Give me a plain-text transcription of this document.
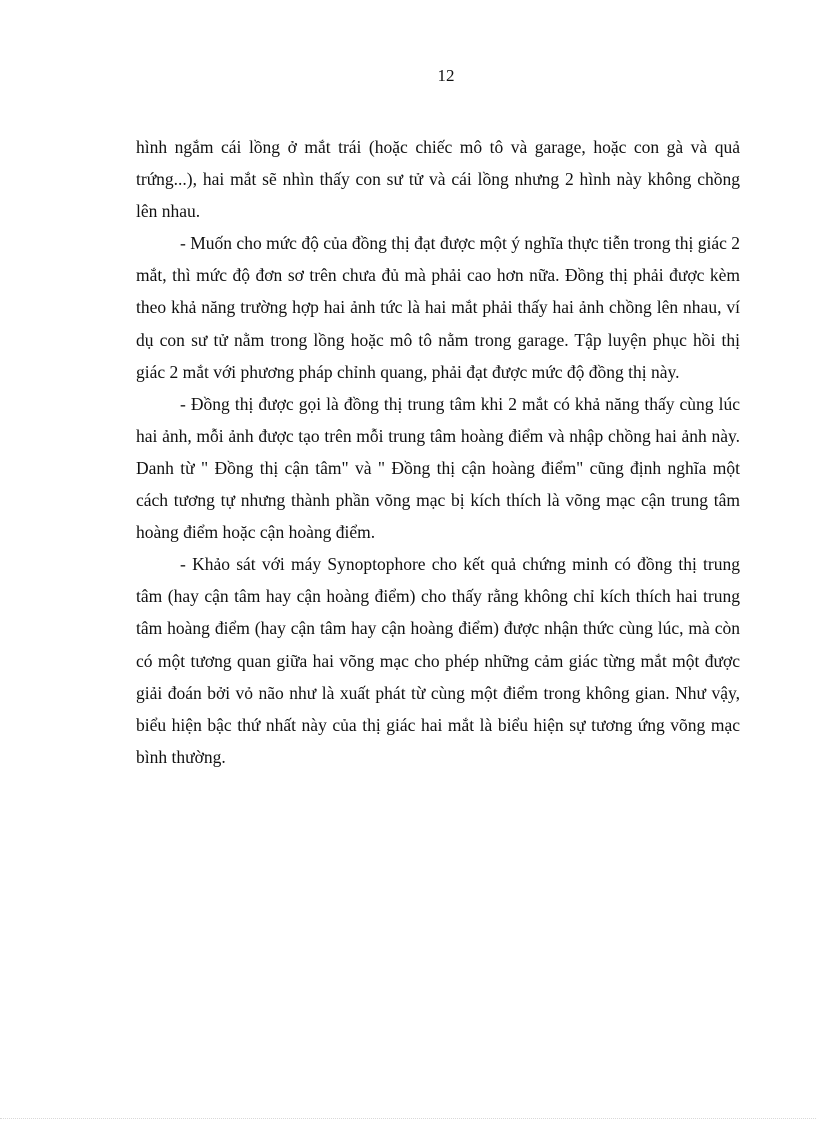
12

hình ngắm cái lồng ở mắt trái (hoặc chiếc mô tô và garage, hoặc con gà và quả trứng...), hai mắt sẽ nhìn thấy con sư tử và cái lồng nhưng 2 hình này không chồng lên nhau.

- Muốn cho mức độ của đồng thị đạt được một ý nghĩa thực tiễn trong thị giác 2 mắt, thì mức độ đơn sơ trên chưa đủ mà phải cao hơn nữa. Đồng thị phải được kèm theo khả năng trường hợp hai ảnh tức là hai mắt phải thấy hai ảnh chồng lên nhau, ví dụ con sư tử nằm trong lồng hoặc mô tô nằm trong garage. Tập luyện phục hồi thị giác 2 mắt với phương pháp chỉnh quang, phải đạt được mức độ đồng thị này.

- Đồng thị được gọi là đồng thị trung tâm khi 2 mắt có khả năng thấy cùng lúc hai ảnh, mỗi ảnh được tạo trên mỗi trung tâm hoàng điểm và nhập chồng hai ảnh này. Danh từ " Đồng thị cận tâm" và " Đồng thị cận hoàng điểm" cũng định nghĩa một cách tương tự nhưng thành phần võng mạc bị kích thích là võng mạc cận trung tâm hoàng điểm hoặc cận hoàng điểm.

- Khảo sát với máy Synoptophore cho kết quả chứng minh có đồng thị trung tâm (hay cận tâm hay cận hoàng điểm) cho thấy rằng không chỉ kích thích hai trung tâm hoàng điểm (hay cận tâm hay cận hoàng điểm) được nhận thức cùng lúc, mà còn có một tương quan giữa hai võng mạc cho phép những cảm giác từng mắt một được giải đoán bởi vỏ não như là xuất phát từ cùng một điểm trong không gian. Như vậy, biểu hiện bậc thứ nhất này của thị giác hai mắt là biểu hiện sự tương ứng võng mạc bình thường.
